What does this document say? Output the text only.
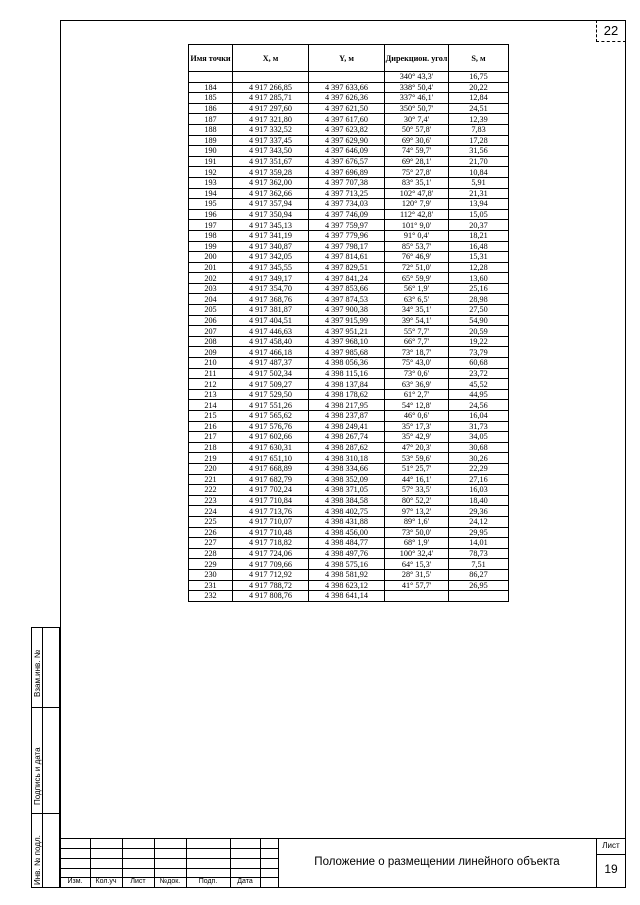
22
Взам.инв. №
Подпись и дата
Инв. № подл.
Имя точки	X, м	Y, м	Дирекцион. угол	S, м
			340° 43,3'	16,75
184	4 917 266,85	4 397 633,66	338° 50,4'	20,22
185	4 917 285,71	4 397 626,36	337° 46,1'	12,84
186	4 917 297,60	4 397 621,50	350° 50,7'	24,51
187	4 917 321,80	4 397 617,60	30° 7,4'	12,39
188	4 917 332,52	4 397 623,82	50° 57,8'	7,83
189	4 917 337,45	4 397 629,90	69° 30,6'	17,28
190	4 917 343,50	4 397 646,09	74° 59,7'	31,56
191	4 917 351,67	4 397 676,57	69° 28,1'	21,70
192	4 917 359,28	4 397 696,89	75° 27,8'	10,84
193	4 917 362,00	4 397 707,38	83° 35,1'	5,91
194	4 917 362,66	4 397 713,25	102° 47,8'	21,31
195	4 917 357,94	4 397 734,03	120° 7,9'	13,94
196	4 917 350,94	4 397 746,09	112° 42,8'	15,05
197	4 917 345,13	4 397 759,97	101° 9,0'	20,37
198	4 917 341,19	4 397 779,96	91° 0,4'	18,21
199	4 917 340,87	4 397 798,17	85° 53,7'	16,48
200	4 917 342,05	4 397 814,61	76° 46,9'	15,31
201	4 917 345,55	4 397 829,51	72° 51,0'	12,28
202	4 917 349,17	4 397 841,24	65° 59,9'	13,60
203	4 917 354,70	4 397 853,66	56° 1,9'	25,16
204	4 917 368,76	4 397 874,53	63° 6,5'	28,98
205	4 917 381,87	4 397 900,38	34° 35,1'	27,50
206	4 917 404,51	4 397 915,99	39° 54,1'	54,90
207	4 917 446,63	4 397 951,21	55° 7,7'	20,59
208	4 917 458,40	4 397 968,10	66° 7,7'	19,22
209	4 917 466,18	4 397 985,68	73° 18,7'	73,79
210	4 917 487,37	4 398 056,36	75° 43,0'	60,68
211	4 917 502,34	4 398 115,16	73° 0,6'	23,72
212	4 917 509,27	4 398 137,84	63° 36,9'	45,52
213	4 917 529,50	4 398 178,62	61° 2,7'	44,95
214	4 917 551,26	4 398 217,95	54° 12,8'	24,56
215	4 917 565,62	4 398 237,87	46° 0,6'	16,04
216	4 917 576,76	4 398 249,41	35° 17,3'	31,73
217	4 917 602,66	4 398 267,74	35° 42,9'	34,05
218	4 917 630,31	4 398 287,62	47° 20,3'	30,68
219	4 917 651,10	4 398 310,18	53° 59,6'	30,26
220	4 917 668,89	4 398 334,66	51° 25,7'	22,29
221	4 917 682,79	4 398 352,09	44° 16,1'	27,16
222	4 917 702,24	4 398 371,05	57° 33,5'	16,03
223	4 917 710,84	4 398 384,58	80° 52,2'	18,40
224	4 917 713,76	4 398 402,75	97° 13,2'	29,36
225	4 917 710,07	4 398 431,88	89° 1,6'	24,12
226	4 917 710,48	4 398 456,00	73° 50,0'	29,95
227	4 917 718,82	4 398 484,77	68° 1,9'	14,01
228	4 917 724,06	4 398 497,76	100° 32,4'	78,73
229	4 917 709,66	4 398 575,16	64° 15,3'	7,51
230	4 917 712,92	4 398 581,92	28° 31,5'	86,27
231	4 917 788,72	4 398 623,12	41° 57,7'	26,95
232	4 917 808,76	4 398 641,14		
Изм.	Кол.уч	Лист	№док.	Подп.	Дата
Положение о размещении линейного объекта
Лист
19
